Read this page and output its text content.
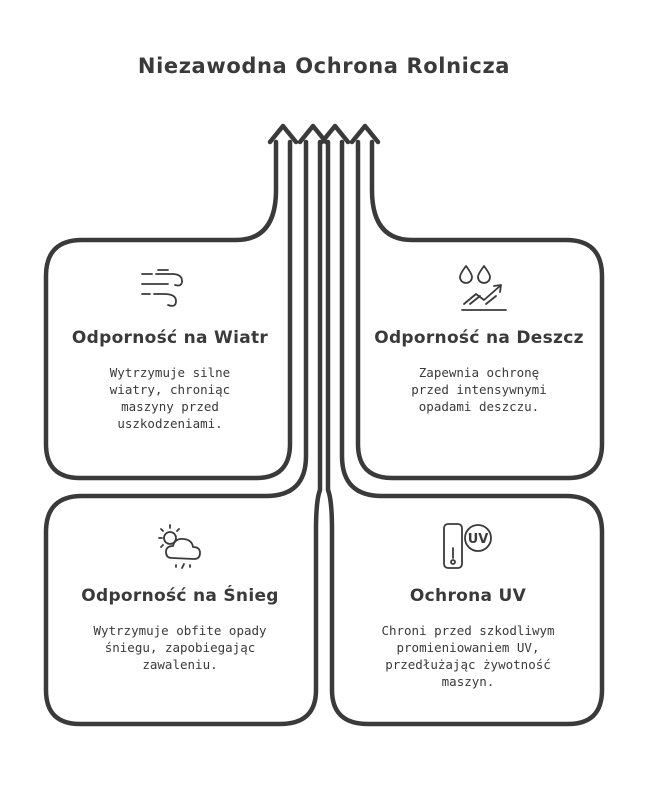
Niezawodna Ochrona Rolnicza
Odporność na Wiatr
Wytrzymuje silne wiatry, chroniąc maszyny przed uszkodzeniami.
Odporność na Deszcz
Zapewnia ochronę przed intensywnymi opadami deszczu.
Odporność na Śnieg
Wytrzymuje obfite opady śniegu, zapobiegając zawaleniu.
UV
Ochrona UV
Chroni przed szkodliwym promieniowaniem UV, przedłużając żywotność maszyn.
